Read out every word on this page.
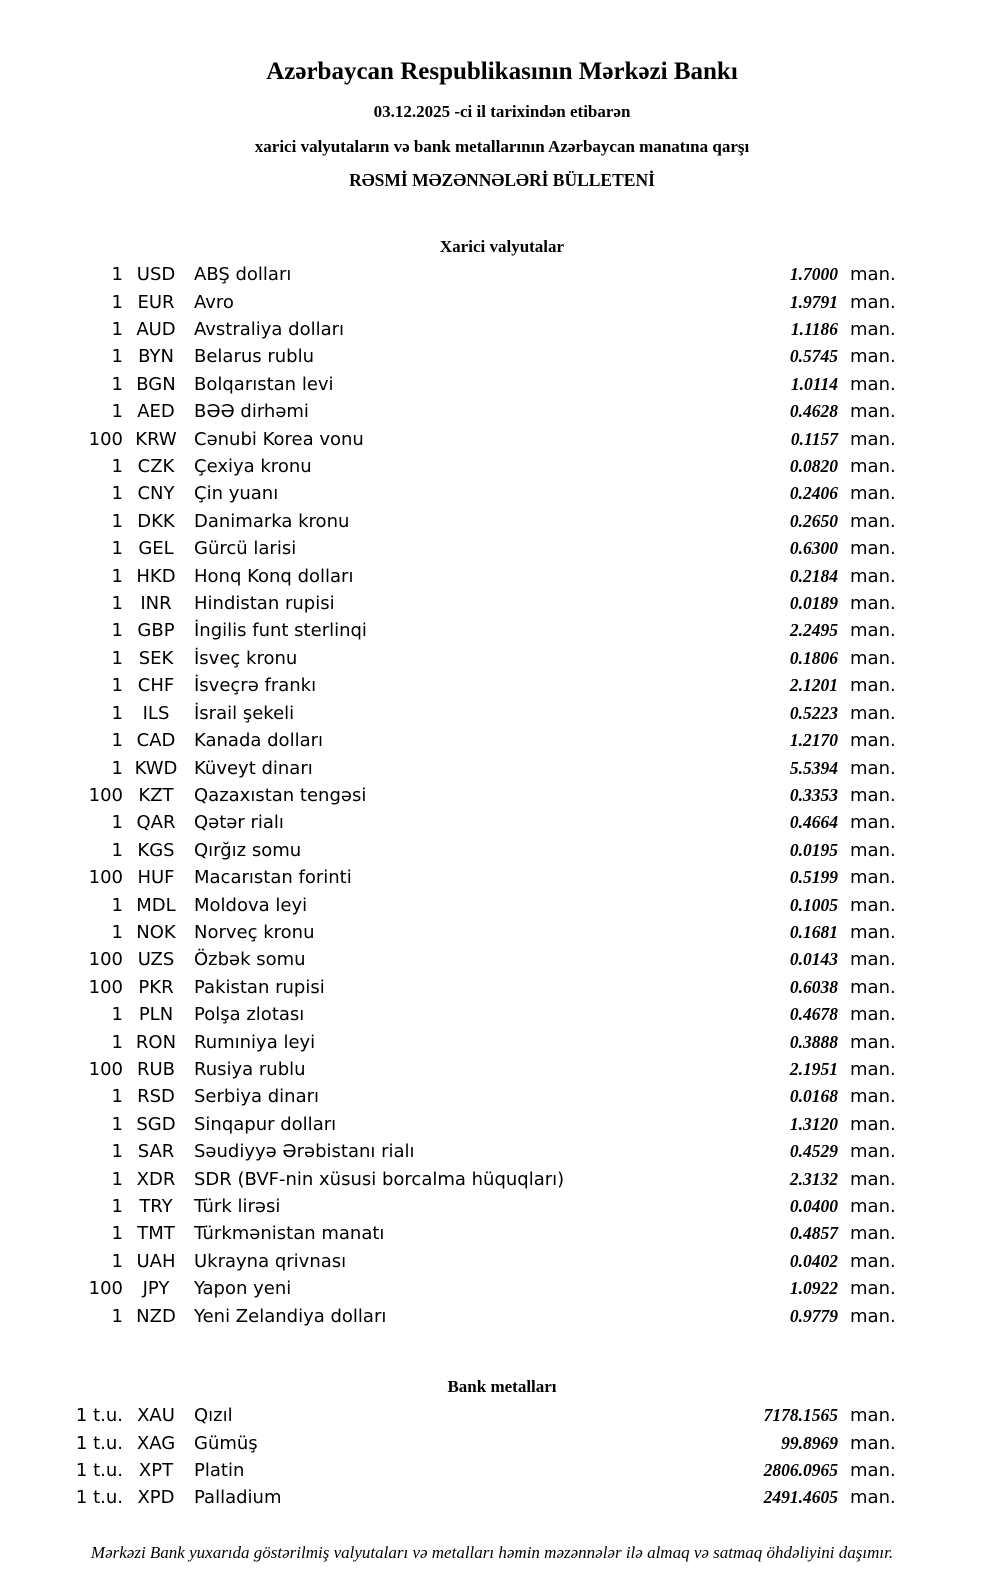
Azərbaycan Respublikasının Mərkəzi Bankı
03.12.2025 -ci il tarixindən etibarən
xarici valyutaların və bank metallarının Azərbaycan manatına qarşı
RƏSMİ MƏZƏNNƏLƏRİ BÜLLETENİ
Xarici valyutalar
1 USD	ABŞ dolları	1.7000 man.
1 EUR	Avro	1.9791 man.
1 AUD	Avstraliya dolları	1.1186 man.
1 BYN	Belarus rublu	0.5745 man.
1 BGN	Bolqarıstan levi	1.0114 man.
1 AED	BƏƏ dirhəmi	0.4628 man.
100 KRW Cənubi Korea vonu	0.1157 man.
1 CZK	Çexiya kronu	0.0820 man.
1 CNY	Çin yuanı	0.2406 man.
1 DKK	Danimarka kronu	0.2650 man.
1 GEL	Gürcü larisi	0.6300 man.
1 HKD	Honq Konq dolları	0.2184 man.
1 INR	Hindistan rupisi	0.0189 man.
1 GBP	İngilis funt sterlinqi	2.2495 man.
1 SEK	İsveç kronu	0.1806 man.
1 CHF	İsveçrə frankı	2.1201 man.
1	ILS	İsrail şekeli	0.5223 man.
1 CAD	Kanada dolları	1.2170 man.
1 KWD Küveyt dinarı	5.5394 man.
100 KZT	Qazaxıstan tengəsi	0.3353 man.
1 QAR	Qətər rialı	0.4664 man.
1 KGS	Qırğız somu	0.0195 man.
100 HUF	Macarıstan forinti	0.5199 man.
1 MDL	Moldova leyi	0.1005 man.
1 NOK	Norveç kronu	0.1681 man.
100 UZS	Özbək somu	0.0143 man.
100 PKR	Pakistan rupisi	0.6038 man.
1 PLN	Polşa zlotası	0.4678 man.
1 RON Rumıniya leyi	0.3888 man.
100 RUB	Rusiya rublu	2.1951 man.
1 RSD	Serbiya dinarı	0.0168 man.
1 SGD	Sinqapur dolları	1.3120 man.
1 SAR	Səudiyyə Ərəbistanı rialı	0.4529 man.
1 XDR	SDR (BVF-nin xüsusi borcalma hüquqları)	2.3132 man.
1 TRY	Türk lirəsi	0.0400 man.
1 TMT	Türkmənistan manatı	0.4857 man.
1 UAH	Ukrayna qrivnası	0.0402 man.
100	JPY	Yapon yeni	1.0922 man.
1 NZD	Yeni Zelandiya dolları	0.9779 man.
Bank metalları
1 t.u. XAU	Qızıl	7178.1565 man.
1 t.u. XAG	Gümüş	99.8969 man.
1 t.u. XPT	Platin	2806.0965 man.
1 t.u. XPD	Palladium	2491.4605 man.
Mərkəzi Bank yuxarıda göstərilmiş valyutaları və metalları həmin məzənnələr ilə almaq və satmaq öhdəliyini daşımır.
